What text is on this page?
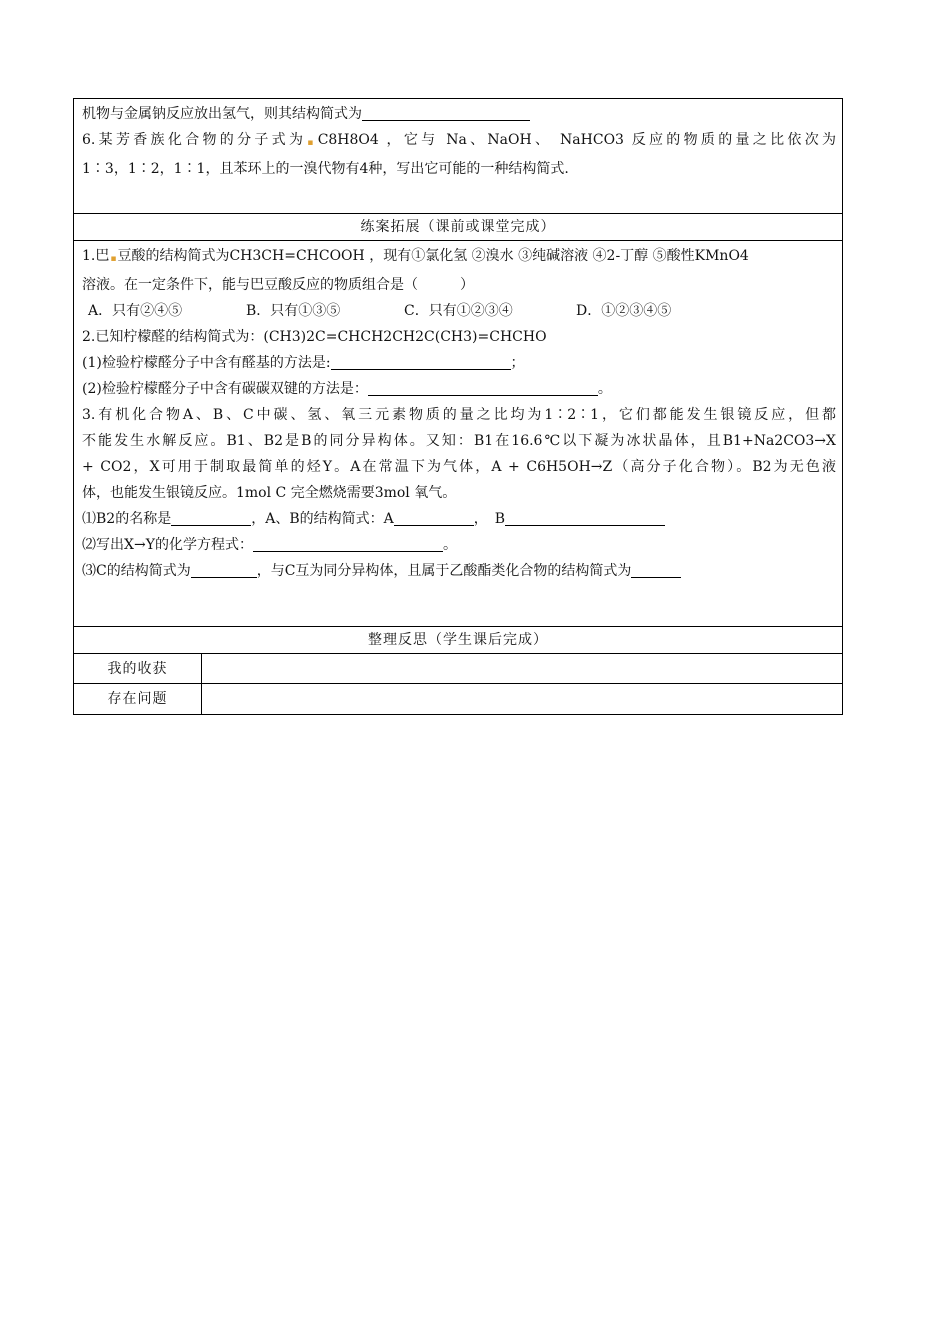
机物与金属钠反应放出氢气，则其结构简式为
6.某芳香族化合物的分子式为▪C8H8O4 ，它与 Na、NaOH、 NaHCO3 反应的物质的量之比依次为
1∶3，1∶2，1∶1，且苯环上的一溴代物有4种，写出它可能的一种结构简式.
练案拓展（课前或课堂完成）
1.巴▪豆酸的结构简式为CH3CH=CHCOOH ，现有①氯化氢 ②溴水 ③纯碱溶液 ④2-丁醇 ⑤酸性KMnO4
溶液。在一定条件下，能与巴豆酸反应的物质组合是（　　　）
A．只有②④⑤	B．只有①③⑤	C．只有①②③④	D．①②③④⑤
2.已知柠檬醛的结构简式为：(CH3)2C=CHCH2CH2C(CH3)=CHCHO
(1)检验柠檬醛分子中含有醛基的方法是:	；
(2)检验柠檬醛分子中含有碳碳双键的方法是：	。
3.有机化合物A、B、C中碳、氢、氧三元素物质的量之比均为1∶2∶1，它们都能发生银镜反应，但都
不能发生水解反应。B1、B2是B的同分异构体。又知：B1在16.6℃以下凝为冰状晶体，且B1+Na2CO3→X
+ CO2，X可用于制取最简单的烃Y。A在常温下为气体，A + C6H5OH→Z（高分子化合物）。B2为无色液
体，也能发生银镜反应。1mol C 完全燃烧需要3mol 氧气。
⑴B2的名称是	，A、B的结构简式：A	，　B
⑵写出X→Y的化学方程式：	。
⑶C的结构简式为	，与C互为同分异构体，且属于乙酸酯类化合物的结构简式为
整理反思（学生课后完成）
我的收获
存在问题
